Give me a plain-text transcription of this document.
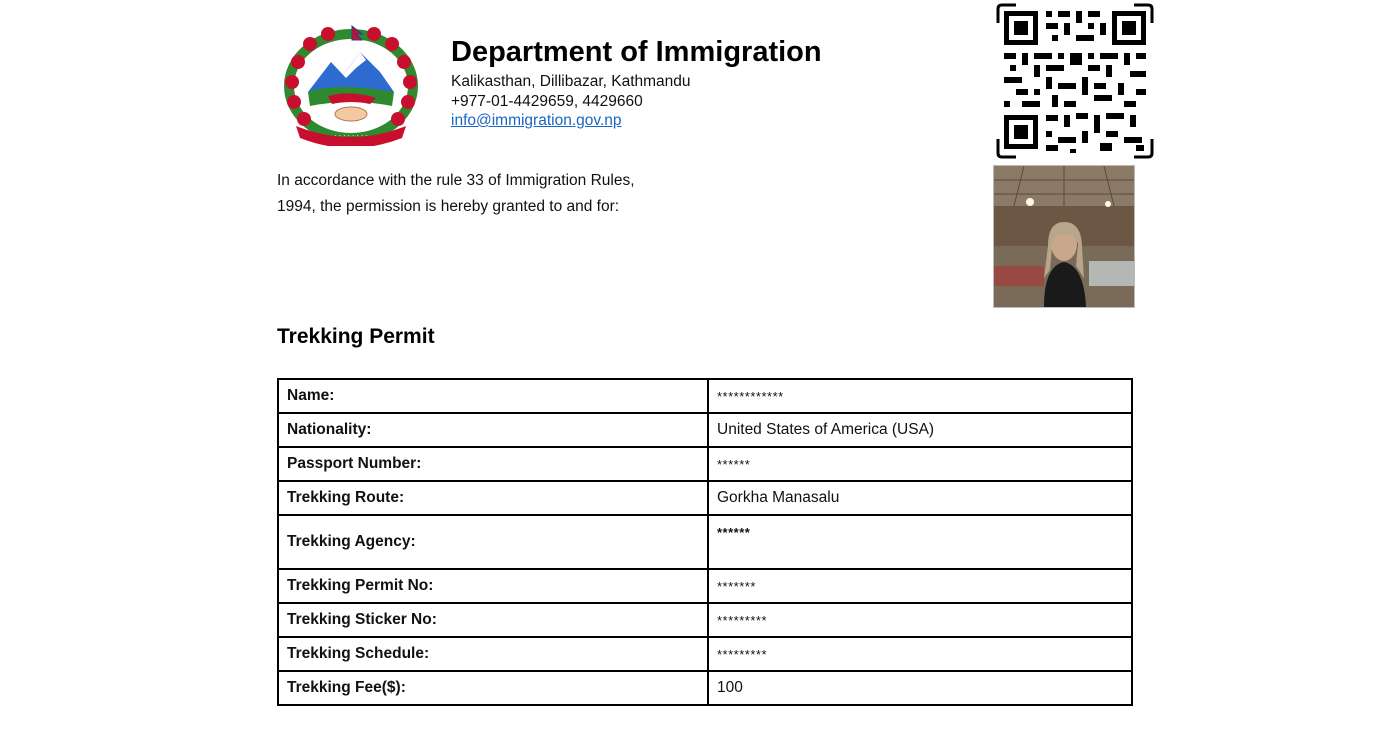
· · · · · · · ·
Department of Immigration
Kalikasthan, Dillibazar, Kathmandu
+977-01-4429659, 4429660
info@immigration.gov.np
In accordance with the rule 33 of Immigration Rules,
1994, the permission is hereby granted to and for:
Trekking Permit
Name:	************
Nationality:	United States of America (USA)
Passport Number:	******
Trekking Route:	Gorkha Manasalu
Trekking Agency:	******
Trekking Permit No:	*******
Trekking Sticker No:	*********
Trekking Schedule:	*********
Trekking Fee($):	100
